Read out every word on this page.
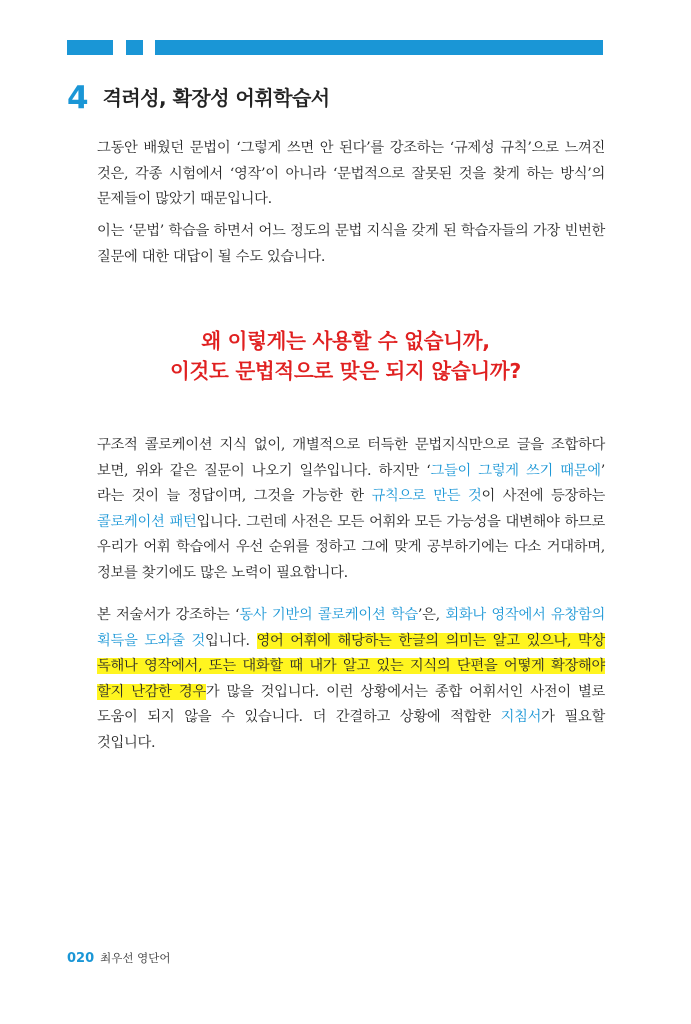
4 격려성, 확장성 어휘학습서

그동안 배웠던 문법이 ‘그렇게 쓰면 안 된다’를 강조하는 ‘규제성 규칙’으로 느껴진 것은, 각종 시험에서 ‘영작’이 아니라 ‘문법적으로 잘못된 것을 찾게 하는 방식’의 문제들이 많았기 때문입니다.

이는 ‘문법’ 학습을 하면서 어느 정도의 문법 지식을 갖게 된 학습자들의 가장 빈번한 질문에 대한 대답이 될 수도 있습니다.

왜 이렇게는 사용할 수 없습니까,
이것도 문법적으로 맞은 되지 않습니까?

구조적 콜로케이션 지식 없이, 개별적으로 터득한 문법지식만으로 글을 조합하다 보면, 위와 같은 질문이 나오기 일쑤입니다. 하지만 ‘그들이 그렇게 쓰기 때문에’ 라는 것이 늘 정답이며, 그것을 가능한 한 규칙으로 만든 것이 사전에 등장하는 콜로케이션 패턴입니다. 그런데 사전은 모든 어휘와 모든 가능성을 대변해야 하므로 우리가 어휘 학습에서 우선 순위를 정하고 그에 맞게 공부하기에는 다소 거대하며, 정보를 찾기에도 많은 노력이 필요합니다.

본 저술서가 강조하는 ‘동사 기반의 콜로케이션 학습’은, 회화나 영작에서 유창함의 획득을 도와줄 것입니다. 영어 어휘에 해당하는 한글의 의미는 알고 있으나, 막상 독해나 영작에서, 또는 대화할 때 내가 알고 있는 지식의 단편을 어떻게 확장해야 할지 난감한 경우가 많을 것입니다. 이런 상황에서는 종합 어휘서인 사전이 별로 도움이 되지 않을 수 있습니다. 더 간결하고 상황에 적합한 지침서가 필요할 것입니다.

020 최우선 영단어
